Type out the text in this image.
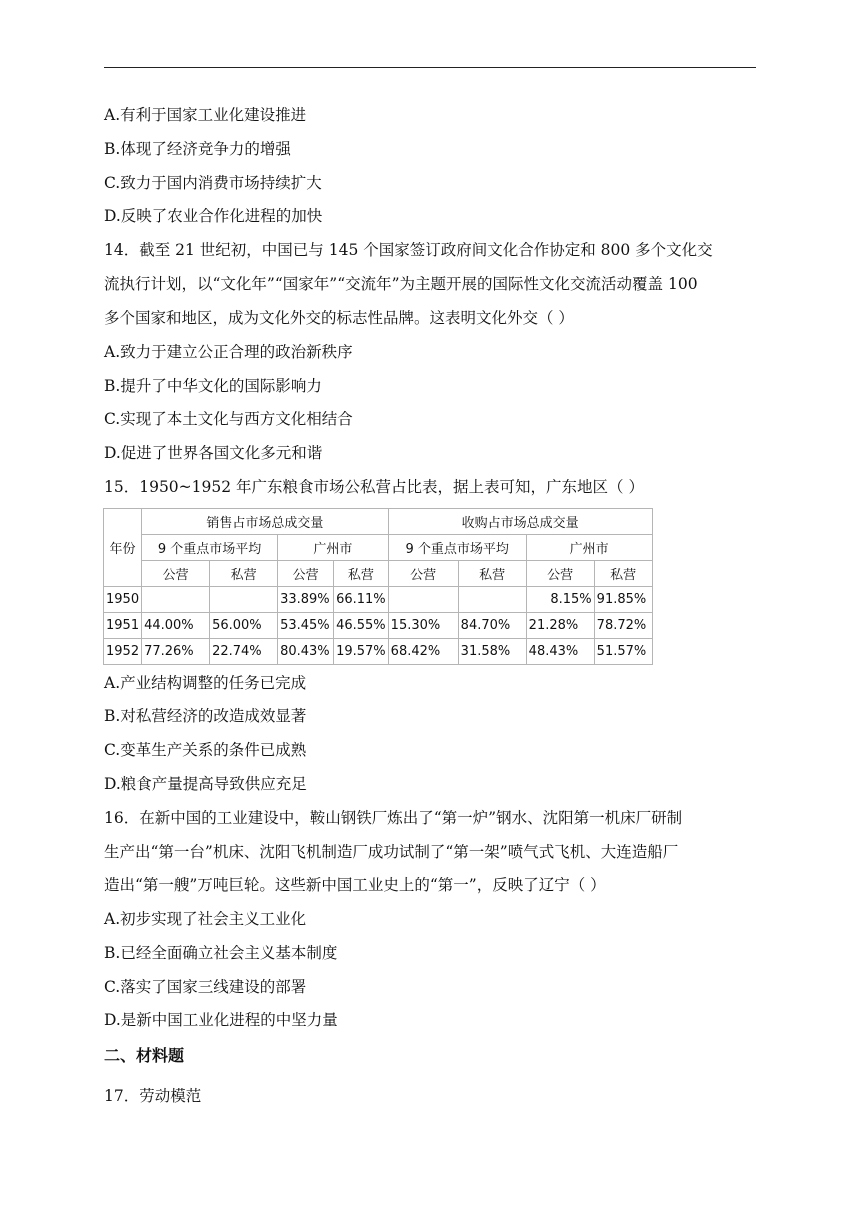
A.有利于国家工业化建设推进
B.体现了经济竞争力的增强
C.致力于国内消费市场持续扩大
D.反映了农业合作化进程的加快
14．截至 21 世纪初，中国已与 145 个国家签订政府间文化合作协定和 800 多个文化交
流执行计划，以“文化年”“国家年”“交流年”为主题开展的国际性文化交流活动覆盖 100
多个国家和地区，成为文化外交的标志性品牌。这表明文化外交（ ）
A.致力于建立公正合理的政治新秩序
B.提升了中华文化的国际影响力
C.实现了本土文化与西方文化相结合
D.促进了世界各国文化多元和谐
15．1950~1952 年广东粮食市场公私营占比表，据上表可知，广东地区（ ）
年份	销售占市场总成交量				收购占市场总成交量			
	9 个重点市场平均		广州市		9 个重点市场平均		广州市	
	公营	私营	公营	私营	公营	私营	公营	私营
1950			33.89%	66.11%			8.15%	91.85%
1951	44.00%	56.00%	53.45%	46.55%	15.30%	84.70%	21.28%	78.72%
1952	77.26%	22.74%	80.43%	19.57%	68.42%	31.58%	48.43%	51.57%
A.产业结构调整的任务已完成
B.对私营经济的改造成效显著
C.变革生产关系的条件已成熟
D.粮食产量提高导致供应充足
16．在新中国的工业建设中，鞍山钢铁厂炼出了“第一炉”钢水、沈阳第一机床厂研制
生产出“第一台”机床、沈阳飞机制造厂成功试制了“第一架”喷气式飞机、大连造船厂
造出“第一艘”万吨巨轮。这些新中国工业史上的“第一”，反映了辽宁（ ）
A.初步实现了社会主义工业化
B.已经全面确立社会主义基本制度
C.落实了国家三线建设的部署
D.是新中国工业化进程的中坚力量
二、材料题
17．劳动模范
